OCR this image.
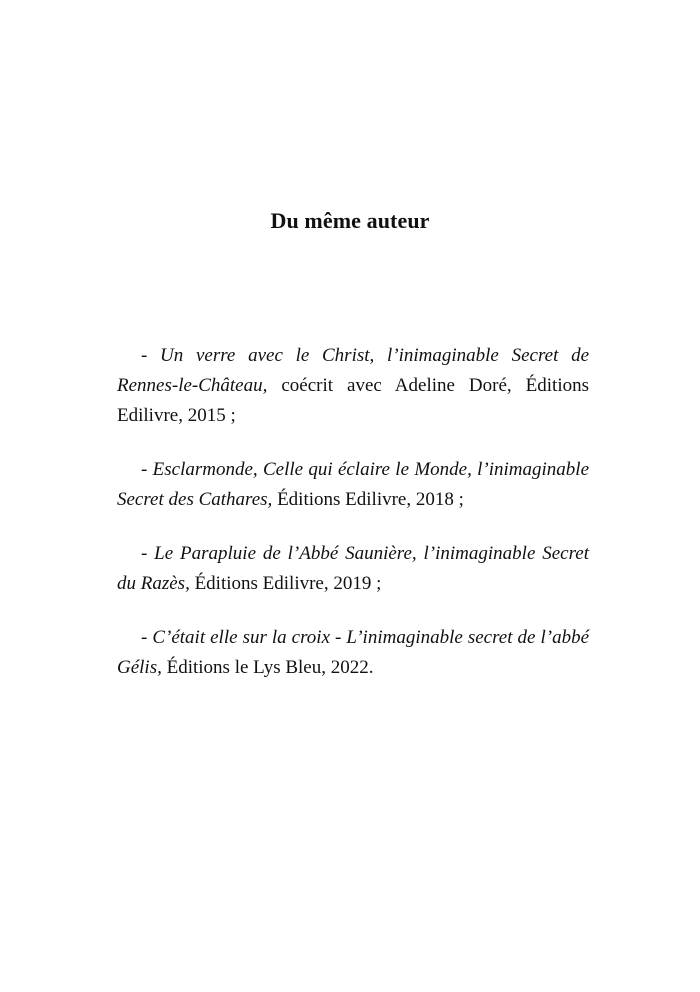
Du même auteur

- Un verre avec le Christ, l’inimaginable Secret de Rennes-le-Château, coécrit avec Adeline Doré, Éditions Edilivre, 2015 ;

- Esclarmonde, Celle qui éclaire le Monde, l’inimaginable Secret des Cathares, Éditions Edilivre, 2018 ;

- Le Parapluie de l’Abbé Saunière, l’inimaginable Secret du Razès, Éditions Edilivre, 2019 ;

- C’était elle sur la croix - L’inimaginable secret de l’abbé Gélis, Éditions le Lys Bleu, 2022.
